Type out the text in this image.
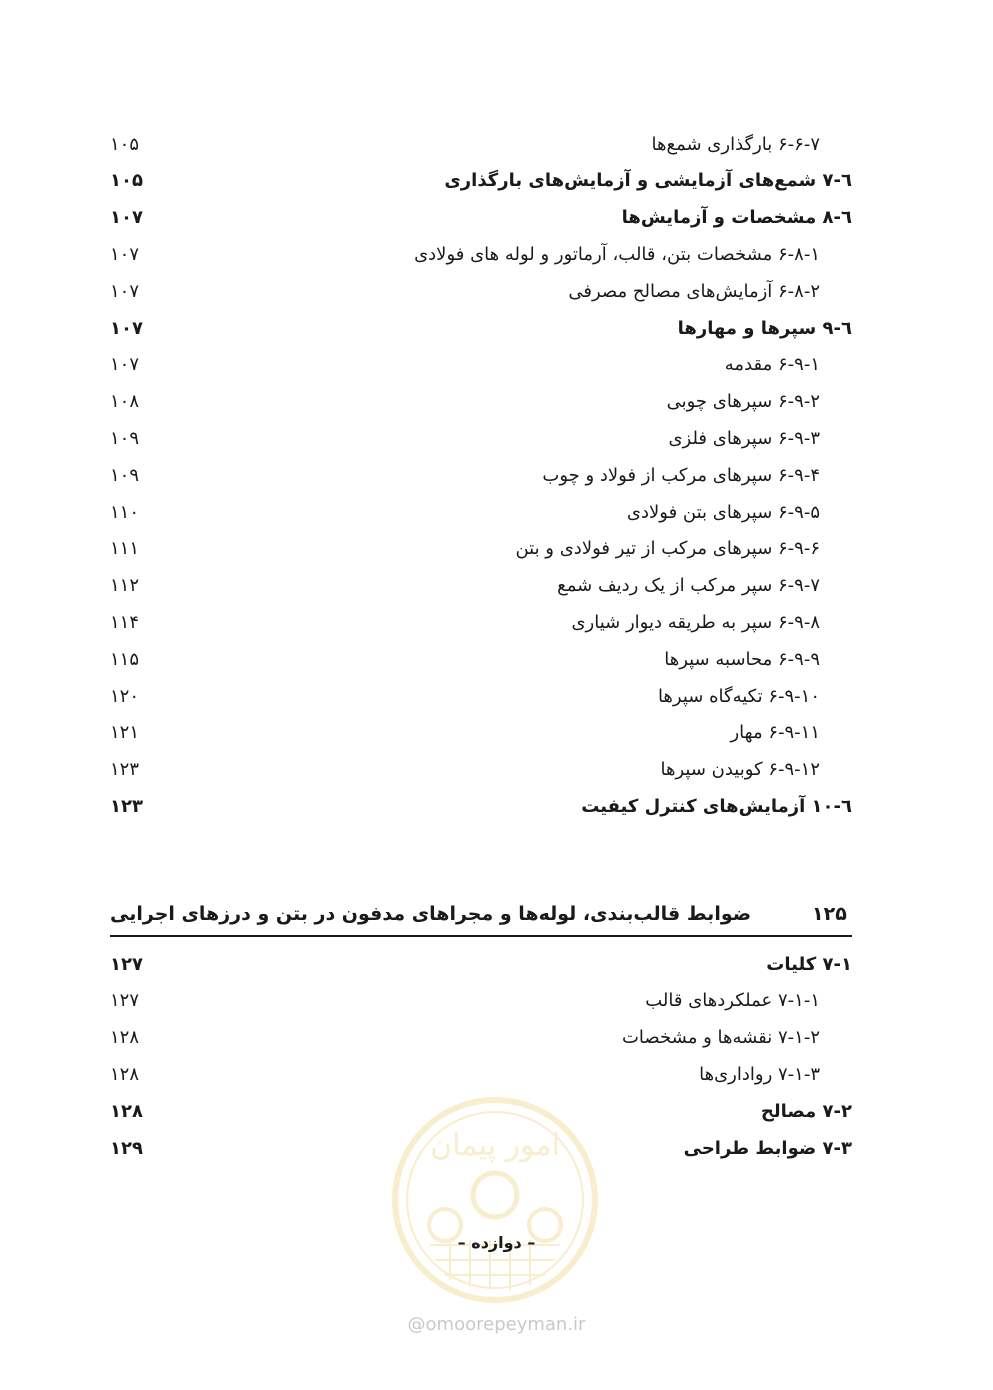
۱۰۵	۶-۶-۷ بارگذاری شمع‌ها
۱۰۵	٦-۷ شمع‌های آزمایشی و آزمایش‌های بارگذاری
۱۰۷	٦-۸ مشخصات و آزمایش‌ها
۱۰۷	۶-۸-۱ مشخصات بتن، قالب، آرماتور و لوله های فولادی
۱۰۷	۶-۸-۲ آزمایش‌های مصالح مصرفی
۱۰۷	٦-۹ سپرها و مهارها
۱۰۷	۶-۹-۱ مقدمه
۱۰۸	۶-۹-۲ سپرهای چوبی
۱۰۹	۶-۹-۳ سپرهای فلزی
۱۰۹	۶-۹-۴ سپرهای مرکب از فولاد و چوب
۱۱۰	۶-۹-۵ سپرهای بتن فولادی
۱۱۱	۶-۹-۶ سپرهای مرکب از تیر فولادی و بتن
۱۱۲	۶-۹-۷ سپر مرکب از یک ردیف شمع
۱۱۴	۶-۹-۸ سپر به طریقه دیوار شیاری
۱۱۵	۶-۹-۹ محاسبه سپرها
۱۲۰	۶-۹-۱۰ تکیه‌گاه سپرها
۱۲۱	۶-۹-۱۱ مهار
۱۲۳	۶-۹-۱۲ کوبیدن سپرها
۱۲۳	٦-۱۰ آزمایش‌های کنترل کیفیت
ضوابط قالب‌بندی، لوله‌ها و مجراهای مدفون در بتن و درزهای اجرایی	۱۲۵
۱۲۷	۷-۱ کلیات
۱۲۷	۷-۱-۱ عملکردهای قالب
۱۲۸	۷-۱-۲ نقشه‌ها و مشخصات
۱۲۸	۷-۱-۳ رواداری‌ها
۱۲۸	۷-۲ مصالح
۱۲۹	۷-۳ ضوابط طراحی
امور پیمان
– دوازده –
@omoorepeyman.ir
